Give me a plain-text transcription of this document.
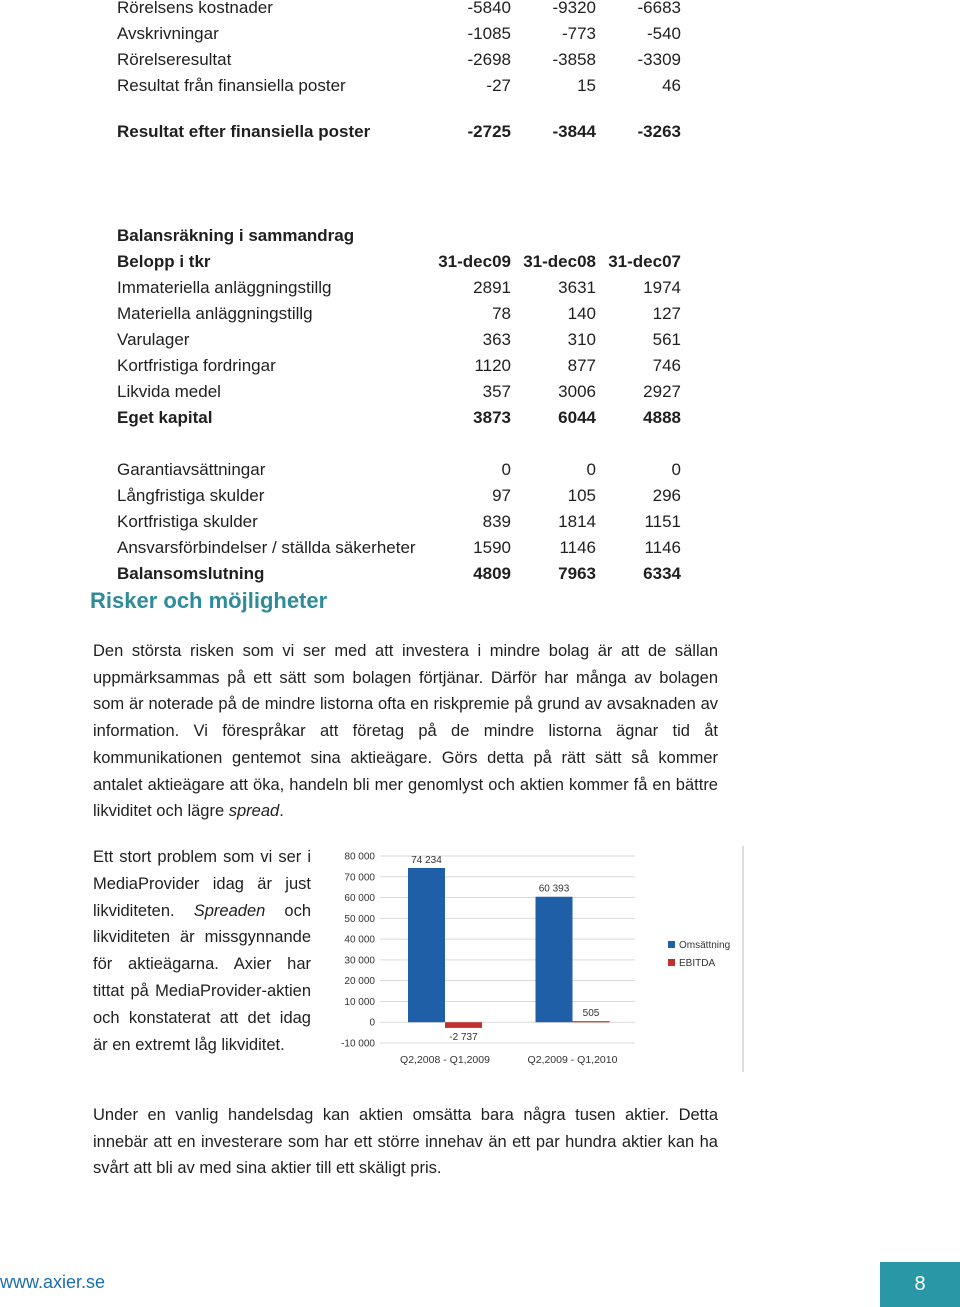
Rörelsens kostnader	-5840	-9320	-6683
Avskrivningar	-1085	-773	-540
Rörelseresultat	-2698	-3858	-3309
Resultat från finansiella poster	-27	15	46
Resultat efter finansiella poster	-2725	-3844	-3263
Balansräkning i sammandrag
Belopp i tkr	31-dec09 31-dec08 31-dec07
Immateriella anläggningstillg	2891	3631	1974
Materiella anläggningstillg	78	140	127
Varulager	363	310	561
Kortfristiga fordringar	1120	877	746
Likvida medel	357	3006	2927
Eget kapital	3873	6044	4888
Garantiavsättningar	0	0	0
Långfristiga skulder	97	105	296
Kortfristiga skulder	839	1814	1151
Ansvarsförbindelser / ställda säkerheter	1590	1146	1146
Balansomslutning	4809	7963	6334
Risker och möjligheter
Den största risken som vi ser med att investera i mindre bolag är att de sällan uppmärksammas på ett sätt som bolagen förtjänar. Därför har många av bolagen som är noterade på de mindre listorna ofta en riskpremie på grund av avsaknaden av information. Vi förespråkar att företag på de mindre listorna ägnar tid åt kommunikationen gentemot sina aktieägare. Görs detta på rätt sätt så kommer antalet aktieägare att öka, handeln bli mer genomlyst och aktien kommer få en bättre likviditet och lägre spread.
Ett stort problem som vi ser i MediaProvider idag är just likviditeten. Spreaden och likviditeten är missgynnande för aktieägarna. Axier har tittat på MediaProvider-aktien och konstaterat att det idag är en extremt låg likviditet.
80 000
70 000
60 000
50 000
40 000
30 000
20 000
10 000
0
-10 000
74 234
-2 737
Q2,2008 - Q1,2009
60 393
505
Q2,2009 - Q1,2010
Omsättning
EBITDA
Under en vanlig handelsdag kan aktien omsätta bara några tusen aktier. Detta innebär att en investerare som har ett större innehav än ett par hundra aktier kan ha svårt att bli av med sina aktier till ett skäligt pris.
www.axier.se	8
